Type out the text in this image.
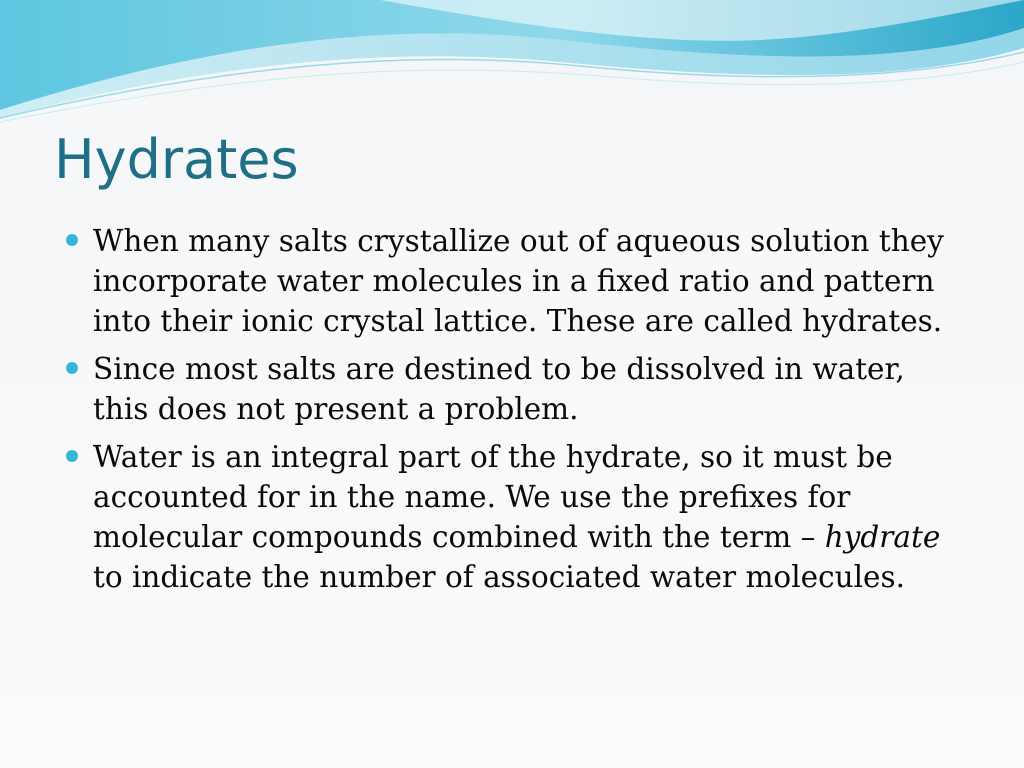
Hydrates
When many salts crystallize out of aqueous solution they incorporate water molecules in a fixed ratio and pattern into their ionic crystal lattice. These are called hydrates.
Since most salts are destined to be dissolved in water, this does not present a problem.
Water is an integral part of the hydrate, so it must be accounted for in the name. We use the prefixes for molecular compounds combined with the term – hydrate to indicate the number of associated water molecules.
